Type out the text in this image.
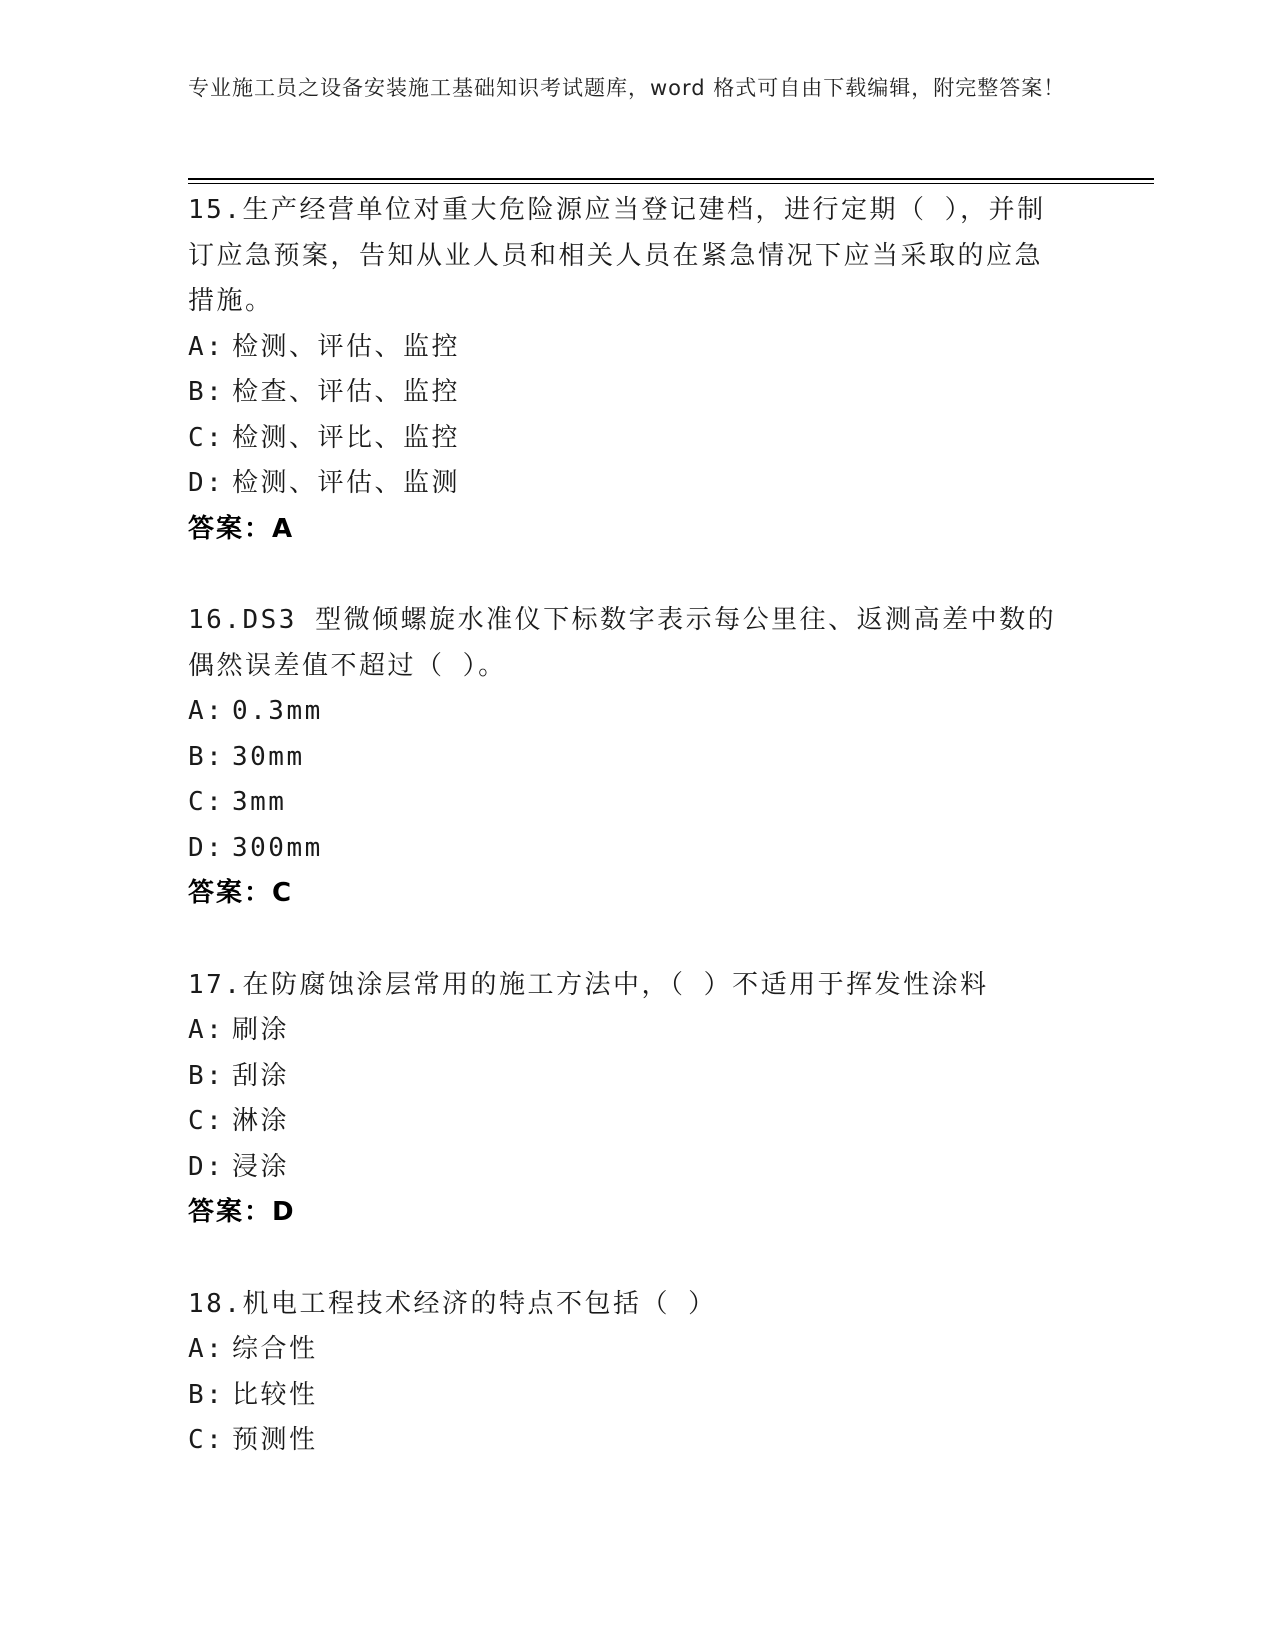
专业施工员之设备安装施工基础知识考试题库，word 格式可自由下载编辑，附完整答案！

15.生产经营单位对重大危险源应当登记建档，进行定期（ ），并制订应急预案，告知从业人员和相关人员在紧急情况下应当采取的应急措施。

A: 检测、评估、监控

B: 检查、评估、监控

C: 检测、评比、监控

D: 检测、评估、监测

答案：A

16.DS3 型微倾螺旋水准仪下标数字表示每公里往、返测高差中数的偶然误差值不超过（ ）。

A: 0.3mm

B: 30mm

C: 3mm

D: 300mm

答案：C

17.在防腐蚀涂层常用的施工方法中，（ ）不适用于挥发性涂料

A: 刷涂

B: 刮涂

C: 淋涂

D: 浸涂

答案：D

18.机电工程技术经济的特点不包括（ ）

A: 综合性

B: 比较性

C: 预测性
